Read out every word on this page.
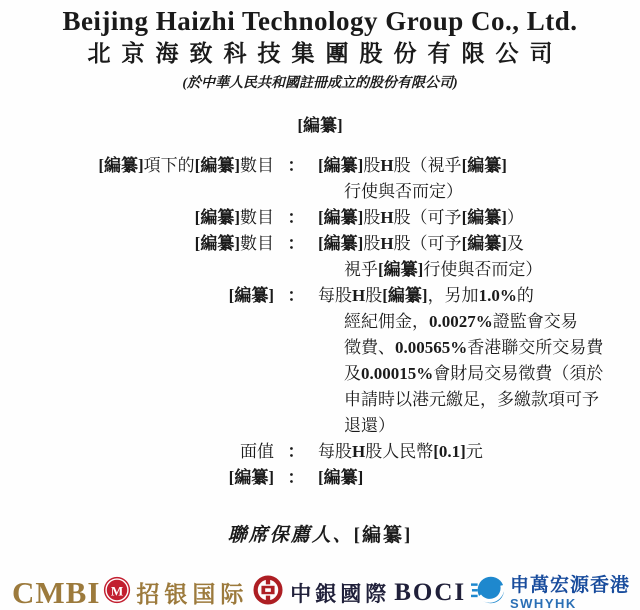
Beijing Haizhi Technology Group Co., Ltd.
北京海致科技集團股份有限公司
(於中華人民共和國註冊成立的股份有限公司)
[編纂]
[編纂]項下的[編纂]數目 ： [編纂]股H股（視乎[編纂]
行使與否而定）
[編纂]數目 ： [編纂]股H股（可予[編纂]）
[編纂]數目 ： [編纂]股H股（可予[編纂]及
視乎[編纂]行使與否而定）
[編纂] ： 每股H股[編纂]，另加1.0%的
經紀佣金，0.0027%證監會交易
徵費、0.00565%香港聯交所交易費
及0.00015%會財局交易徵費（須於
申請時以港元繳足，多繳款項可予
退還）
面值 ： 每股H股人民幣[0.1]元
[編纂] ： [編纂]
聯席保薦人、[編纂]
CMBI M 招银国际 中銀國際 BOCI 申萬宏源香港
SWHYHK
